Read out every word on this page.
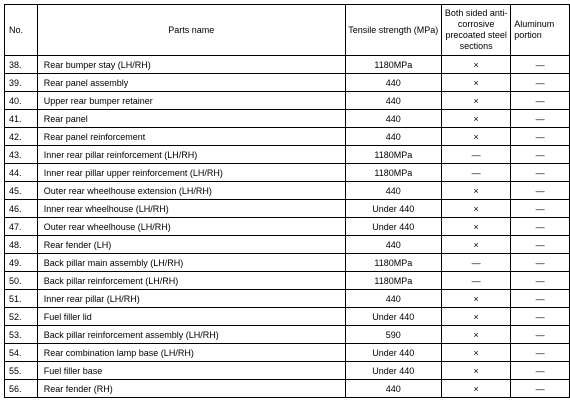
No.	Parts name	Tensile strength (MPa)	Both sided anti-corrosive precoated steel sections	Aluminum portion
38.	Rear bumper stay (LH/RH)	1180MPa	×	—
39.	Rear panel assembly	440	×	—
40.	Upper rear bumper retainer	440	×	—
41.	Rear panel	440	×	—
42.	Rear panel reinforcement	440	×	—
43.	Inner rear pillar reinforcement (LH/RH)	1180MPa	—	—
44.	Inner rear pillar upper reinforcement (LH/RH)	1180MPa	—	—
45.	Outer rear wheelhouse extension (LH/RH)	440	×	—
46.	Inner rear wheelhouse (LH/RH)	Under 440	×	—
47.	Outer rear wheelhouse (LH/RH)	Under 440	×	—
48.	Rear fender (LH)	440	×	—
49.	Back pillar main assembly (LH/RH)	1180MPa	—	—
50.	Back pillar reinforcement (LH/RH)	1180MPa	—	—
51.	Inner rear pillar (LH/RH)	440	×	—
52.	Fuel filler lid	Under 440	×	—
53.	Back pillar reinforcement assembly (LH/RH)	590	×	—
54.	Rear combination lamp base (LH/RH)	Under 440	×	—
55.	Fuel filler base	Under 440	×	—
56.	Rear fender (RH)	440	×	—
